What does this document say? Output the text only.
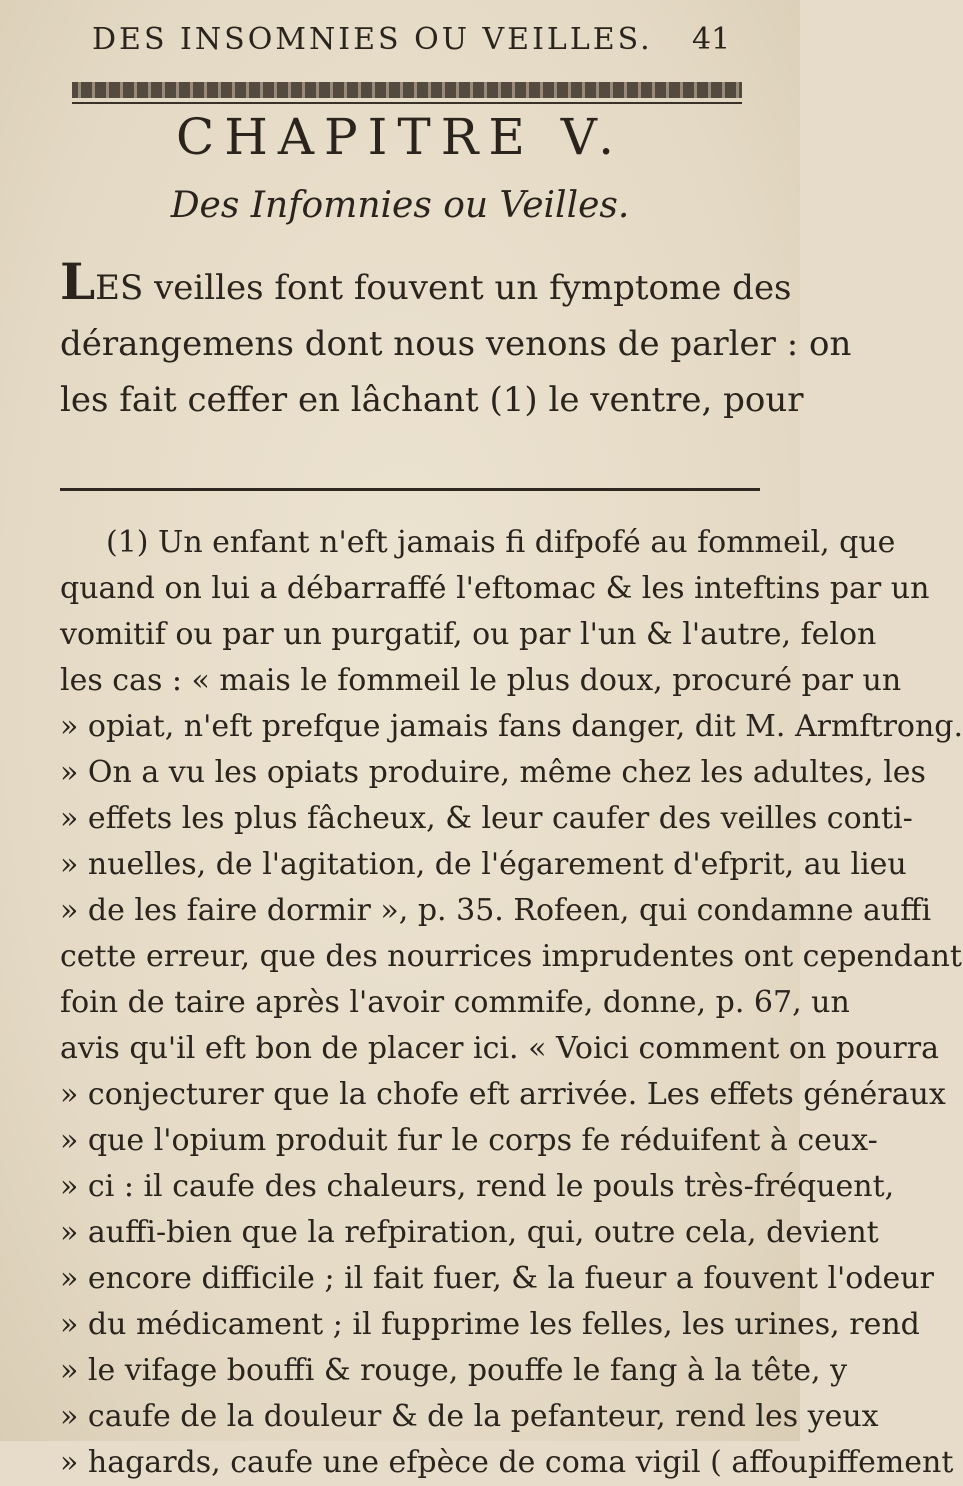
DES INSOMNIES OU VEILLES. 41
CHAPITRE V.
Des Infomnies ou Veilles.
LES veilles font fouvent un fymptome des
dérangemens dont nous venons de parler : on
les fait ceffer en lâchant (1) le ventre, pour
(1) Un enfant n'eft jamais fi difpofé au fommeil, que
quand on lui a débarraffé l'eftomac & les inteftins par un
vomitif ou par un purgatif, ou par l'un & l'autre, felon
les cas : « mais le fommeil le plus doux, procuré par un
» opiat, n'eft prefque jamais fans danger, dit M. Armftrong.
» On a vu les opiats produire, même chez les adultes, les
» effets les plus fâcheux, & leur caufer des veilles conti-
» nuelles, de l'agitation, de l'égarement d'efprit, au lieu
» de les faire dormir », p. 35. Rofeen, qui condamne auffi
cette erreur, que des nourrices imprudentes ont cependant
foin de taire après l'avoir commife, donne, p. 67, un
avis qu'il eft bon de placer ici. « Voici comment on pourra
» conjecturer que la chofe eft arrivée. Les effets généraux
» que l'opium produit fur le corps fe réduifent à ceux-
» ci : il caufe des chaleurs, rend le pouls très-fréquent,
» auffi-bien que la refpiration, qui, outre cela, devient
» encore difficile ; il fait fuer, & la fueur a fouvent l'odeur
» du médicament ; il fupprime les felles, les urines, rend
» le vifage bouffi & rouge, pouffe le fang à la tête, y
» caufe de la douleur & de la pefanteur, rend les yeux
» hagards, caufe une efpèce de coma vigil ( affoupiffement
